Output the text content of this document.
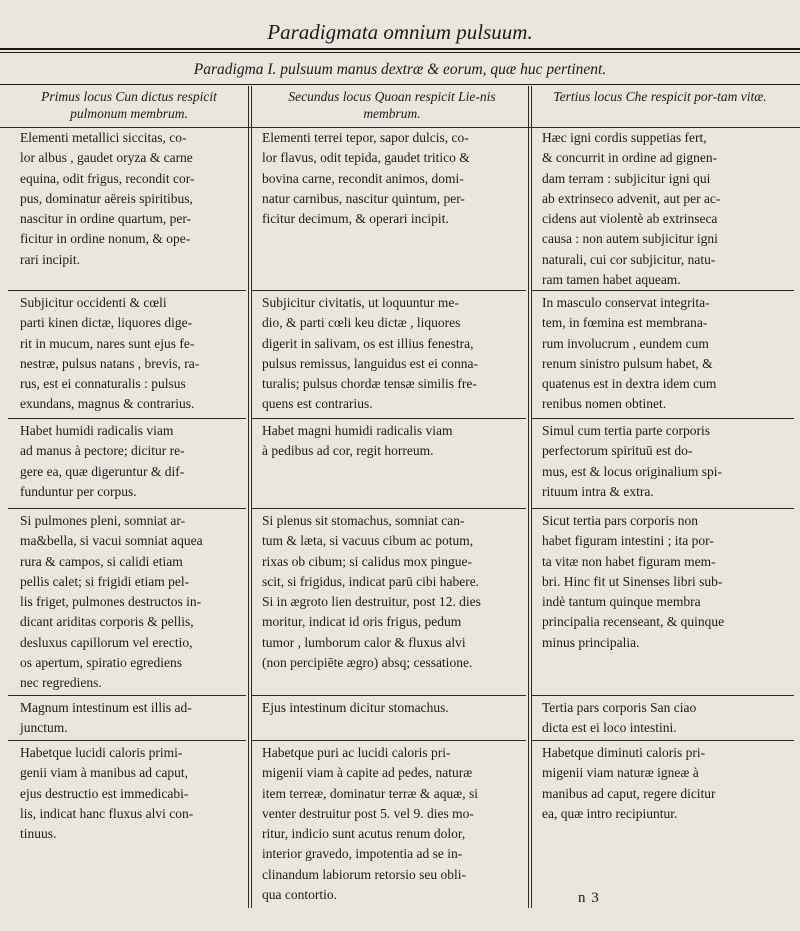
Paradigmata omnium pulsuum.
Paradigma I. pulsuum manus dextræ & eorum, quæ huc pertinent.
Primus locus Cun dictus respicit pulmonum membrum.
Secundus locus Quoan respicit Lie-nis membrum.
Tertius locus Che respicit por-tam vitæ.
Elementi metallici siccitas, co-
lor albus , gaudet oryza & carne
equina, odit frigus, recondit cor-
pus, dominatur aëreis spiritibus,
nascitur in ordine quartum, per-
ficitur in ordine nonum, & ope-
rari incipit.
Subjicitur occidenti & cœli
parti kinen dictæ, liquores dige-
rit in mucum, nares sunt ejus fe-
nestræ, pulsus natans , brevis, ra-
rus, est ei connaturalis : pulsus
exundans, magnus & contrarius.
Habet humidi radicalis viam
ad manus à pectore; dicitur re-
gere ea, quæ digeruntur & dif-
funduntur per corpus.
Si pulmones pleni, somniat ar-
ma&bella, si vacui somniat aquea
rura & campos, si calidi etiam
pellis calet; si frigidi etiam pel-
lis friget, pulmones destructos in-
dicant ariditas corporis & pellis,
desluxus capillorum vel erectio,
os apertum, spiratio egrediens
nec regrediens.
Magnum intestinum est illis ad-
junctum.
Habetque lucidi caloris primi-
genii viam à manibus ad caput,
ejus destructio est immedicabi-
lis, indicat hanc fluxus alvi con-
tinuus.
Elementi terrei tepor, sapor dulcis, co-
lor flavus, odit tepida, gaudet tritico &
bovina carne, recondit animos, domi-
natur carnibus, nascitur quintum, per-
ficitur decimum, & operari incipit.
Subjicitur civitatis, ut loquuntur me-
dio, & parti cœli keu dictæ , liquores
digerit in salivam, os est illius fenestra,
pulsus remissus, languidus est ei conna-
turalis; pulsus chordæ tensæ similis fre-
quens est contrarius.
Habet magni humidi radicalis viam
à pedibus ad cor, regit horreum.
Si plenus sit stomachus, somniat can-
tum & læta, si vacuus cibum ac potum,
rixas ob cibum; si calidus mox pingue-
scit, si frigidus, indicat parū cibi habere.
Si in ægroto lien destruitur, post 12. dies
moritur, indicat id oris frigus, pedum
tumor , lumborum calor & fluxus alvi
(non percipiēte ægro) absq; cessatione.
Ejus intestinum dicitur stomachus.
Habetque puri ac lucidi caloris pri-
migenii viam à capite ad pedes, naturæ
item terreæ, dominatur terræ & aquæ, si
venter destruitur post 5. vel 9. dies mo-
ritur, indicio sunt acutus renum dolor,
interior gravedo, impotentia ad se in-
clinandum labiorum retorsio seu obli-
qua contortio.
Hæc igni cordis suppetias fert,
& concurrit in ordine ad gignen-
dam terram : subjicitur igni qui
ab extrinseco advenit, aut per ac-
cidens aut violentè ab extrinseca
causa : non autem subjicitur igni
naturali, cui cor subjicitur, natu-
ram tamen habet aqueam.
In masculo conservat integrita-
tem, in fœmina est membrana-
rum involucrum , eundem cum
renum sinistro pulsum habet, &
quatenus est in dextra idem cum
renibus nomen obtinet.
Simul cum tertia parte corporis
perfectorum spirituū est do-
mus, est & locus originalium spi-
rituum intra & extra.
Sicut tertia pars corporis non
habet figuram intestini ; ita por-
ta vitæ non habet figuram mem-
bri. Hinc fit ut Sinenses libri sub-
indè tantum quinque membra
principalia recenseant, & quinque
minus principalia.
Tertia pars corporis San ciao
dicta est ei loco intestini.
Habetque diminuti caloris pri-
migenii viam naturæ igneæ à
manibus ad caput, regere dicitur
ea, quæ intro recipiuntur.
n 3
